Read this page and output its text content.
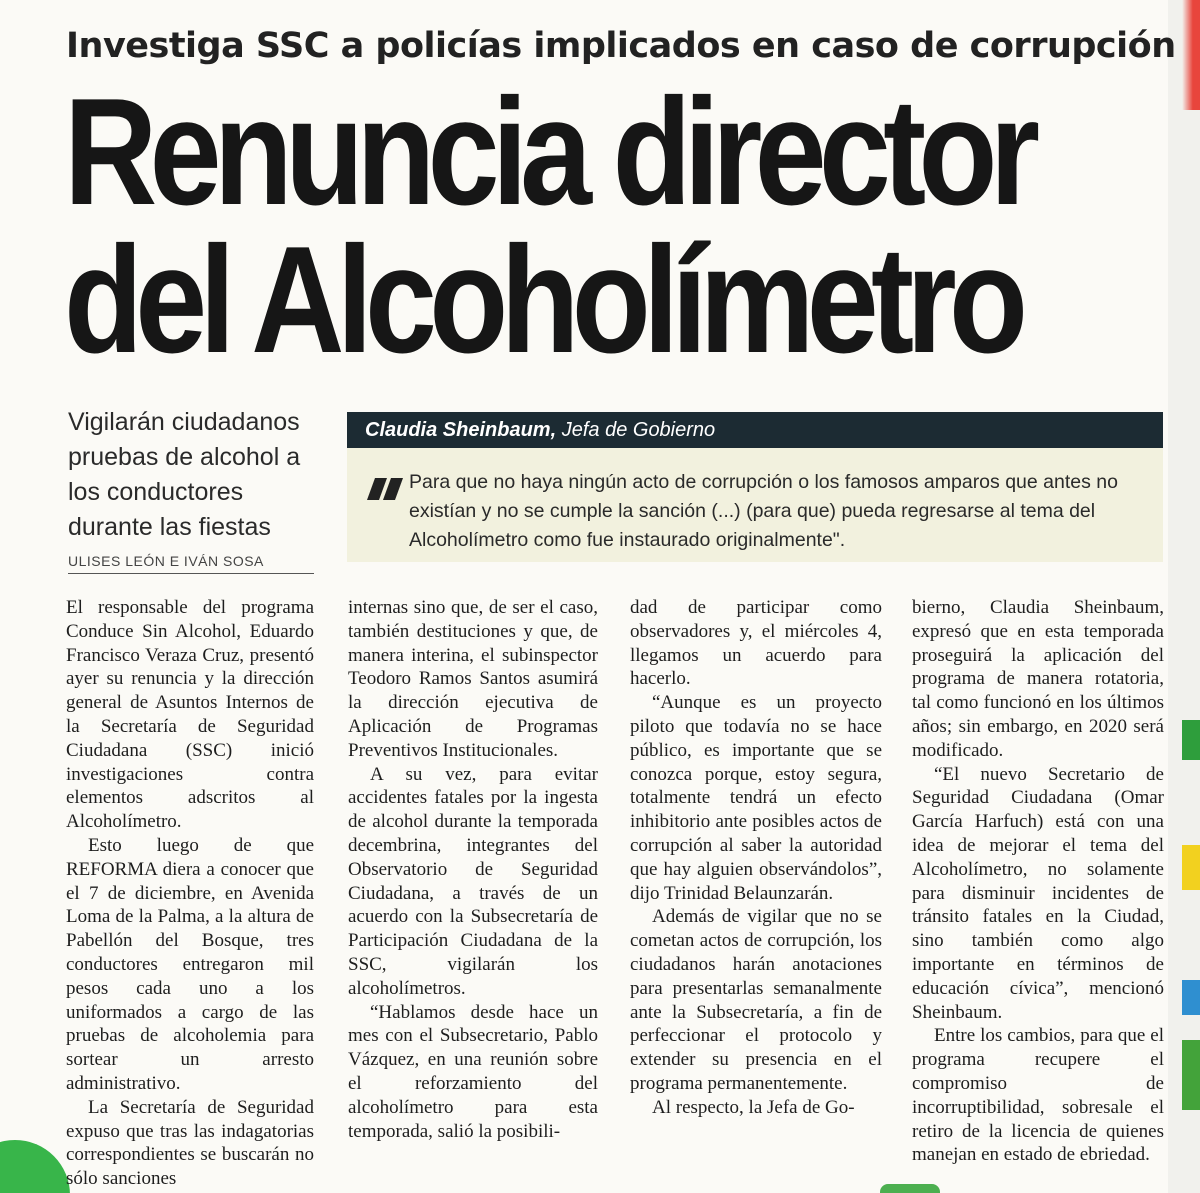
Investiga SSC a policías implicados en caso de corrupción
Renuncia director
del Alcoholímetro
Vigilarán ciudadanos pruebas de alcohol a los conductores durante las fiestas
ULISES LEÓN E IVÁN SOSA
Claudia Sheinbaum, Jefa de Gobierno
Para que no haya ningún acto de corrupción o los famosos amparos que antes no existían y no se cumple la sanción (...) (para que) pueda regresarse al tema del Alcoholímetro como fue instaurado originalmente".

El responsable del programa Conduce Sin Alcohol, Eduardo Francisco Veraza Cruz, presentó ayer su renuncia y la dirección general de Asuntos Internos de la Secretaría de Seguridad Ciudadana (SSC) inició investigaciones contra elementos adscritos al Alcoholímetro.

Esto luego de que REFORMA diera a conocer que el 7 de diciembre, en Avenida Loma de la Palma, a la altura de Pabellón del Bosque, tres conductores entregaron mil pesos cada uno a los uniformados a cargo de las pruebas de alcoholemia para sortear un arresto administrativo.

La Secretaría de Seguridad expuso que tras las indagatorias correspondientes se buscarán no sólo sanciones

internas sino que, de ser el caso, también destituciones y que, de manera interina, el subinspector Teodoro Ramos Santos asumirá la dirección ejecutiva de Aplicación de Programas Preventivos Institucionales.

A su vez, para evitar accidentes fatales por la ingesta de alcohol durante la temporada decembrina, integrantes del Observatorio de Seguridad Ciudadana, a través de un acuerdo con la Subsecretaría de Participación Ciudadana de la SSC, vigilarán los alcoholímetros.

“Hablamos desde hace un mes con el Subsecretario, Pablo Vázquez, en una reunión sobre el reforzamiento del alcoholímetro para esta temporada, salió la posibili-

dad de participar como observadores y, el miércoles 4, llegamos un acuerdo para hacerlo.

“Aunque es un proyecto piloto que todavía no se hace público, es importante que se conozca porque, estoy segura, totalmente tendrá un efecto inhibitorio ante posibles actos de corrupción al saber la autoridad que hay alguien observándolos”, dijo Trinidad Belaunzarán.

Además de vigilar que no se cometan actos de corrupción, los ciudadanos harán anotaciones para presentarlas semanalmente ante la Subsecretaría, a fin de perfeccionar el protocolo y extender su presencia en el programa permanentemente.

Al respecto, la Jefa de Go-

bierno, Claudia Sheinbaum, expresó que en esta temporada proseguirá la aplicación del programa de manera rotatoria, tal como funcionó en los últimos años; sin embargo, en 2020 será modificado.

“El nuevo Secretario de Seguridad Ciudadana (Omar García Harfuch) está con una idea de mejorar el tema del Alcoholímetro, no solamente para disminuir incidentes de tránsito fatales en la Ciudad, sino también como algo importante en términos de educación cívica”, mencionó Sheinbaum.

Entre los cambios, para que el programa recupere el compromiso de incorruptibilidad, sobresale el retiro de la licencia de quienes manejan en estado de ebriedad.
